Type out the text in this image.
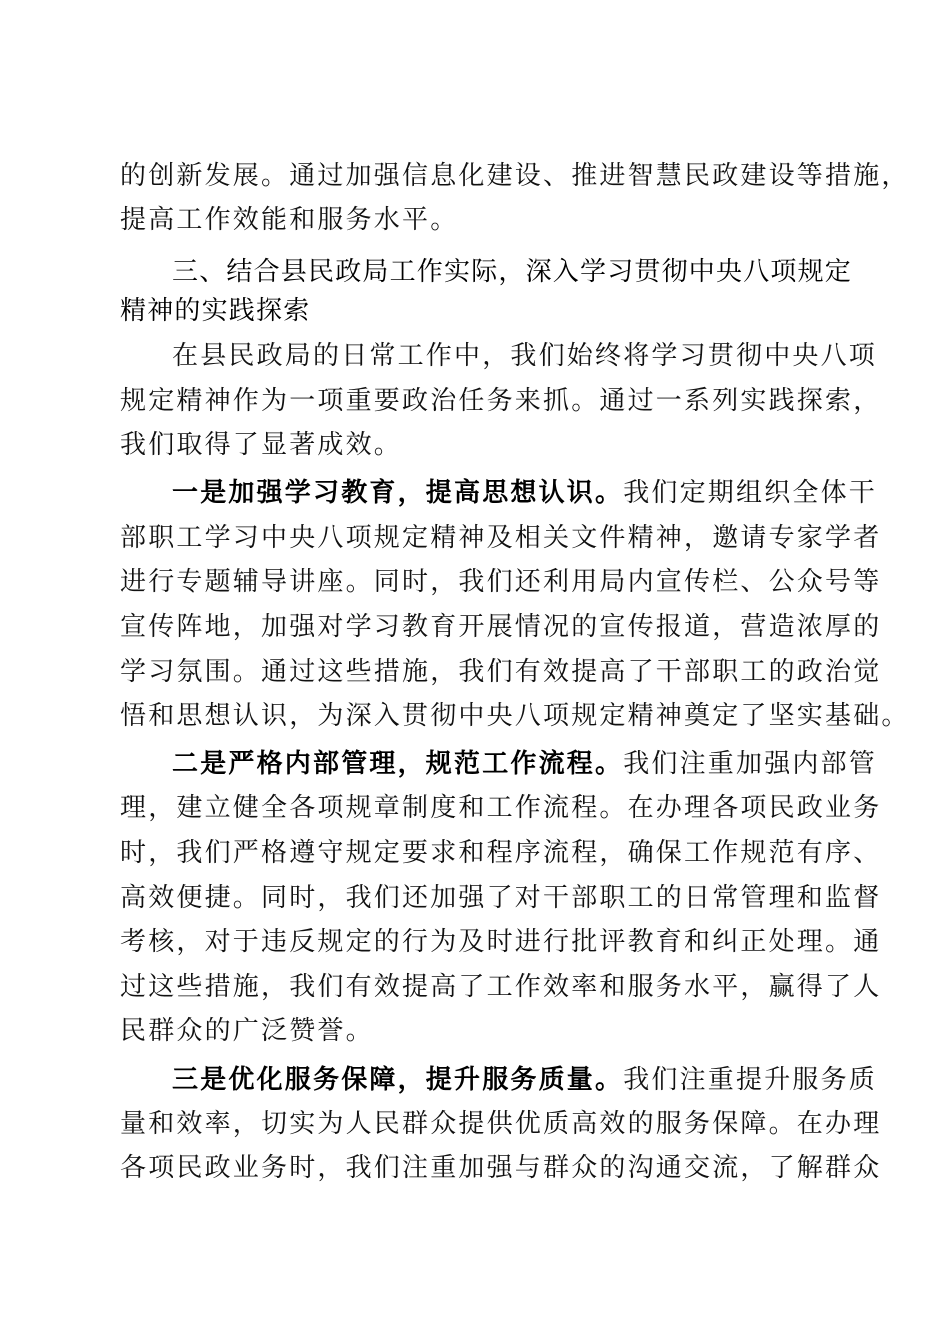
的创新发展。通过加强信息化建设、推进智慧民政建设等措施，
提高工作效能和服务水平。
三、结合县民政局工作实际，深入学习贯彻中央八项规定
精神的实践探索
在县民政局的日常工作中，我们始终将学习贯彻中央八项
规定精神作为一项重要政治任务来抓。通过一系列实践探索，
我们取得了显著成效。
一是加强学习教育，提高思想认识。我们定期组织全体干
部职工学习中央八项规定精神及相关文件精神，邀请专家学者
进行专题辅导讲座。同时，我们还利用局内宣传栏、公众号等
宣传阵地，加强对学习教育开展情况的宣传报道，营造浓厚的
学习氛围。通过这些措施，我们有效提高了干部职工的政治觉
悟和思想认识，为深入贯彻中央八项规定精神奠定了坚实基础。
二是严格内部管理，规范工作流程。我们注重加强内部管
理，建立健全各项规章制度和工作流程。在办理各项民政业务
时，我们严格遵守规定要求和程序流程，确保工作规范有序、
高效便捷。同时，我们还加强了对干部职工的日常管理和监督
考核，对于违反规定的行为及时进行批评教育和纠正处理。通
过这些措施，我们有效提高了工作效率和服务水平，赢得了人
民群众的广泛赞誉。
三是优化服务保障，提升服务质量。我们注重提升服务质
量和效率，切实为人民群众提供优质高效的服务保障。在办理
各项民政业务时，我们注重加强与群众的沟通交流，了解群众
